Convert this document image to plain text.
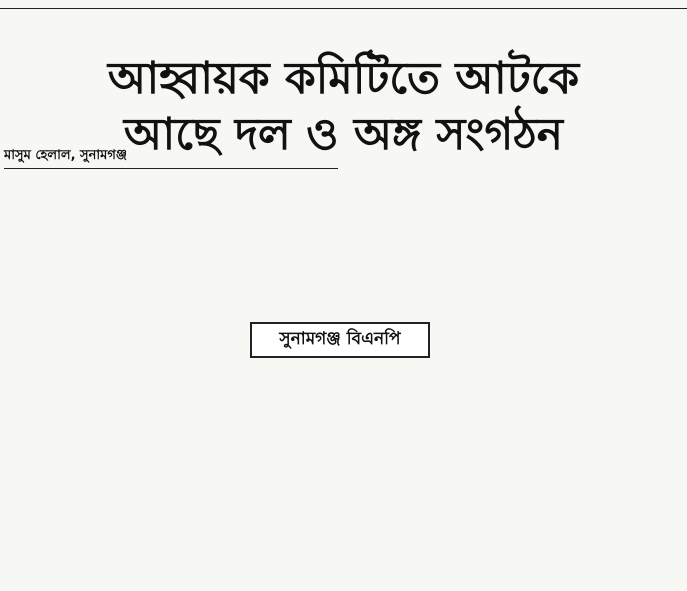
আহ্বায়ক কমিটিতে আটকে
আছে দল ও অঙ্গ সংগঠন
মাসুম হেলাল, সুনামগঞ্জ
সুনামগঞ্জ বিএনপি
